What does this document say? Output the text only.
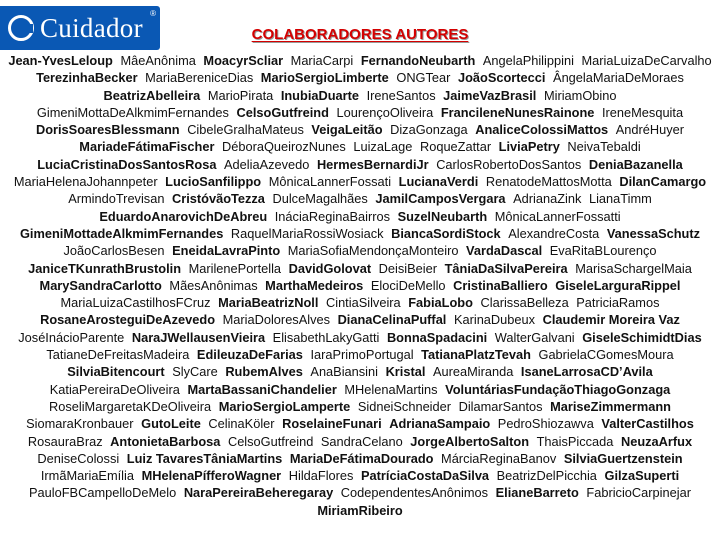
Cuidador ®
COLABORADORES AUTORES
Jean-YvesLeloup MâeAnônima MoacyrScliar MariaCarpi FernandoNeubarth AngelaPhilippini MariaLuizaDeCarvalho TerezinhaBecker MariaBereniceDias MarioSergioLimberte ONGTear JoãoScortecci ÂngelaMariaDeMoraes BeatrizAbelleira MarioPirata InubiaDuarte IreneSantos JaimeVazBrasil MiriamObino GimeniMottaDeAlkmimFernandes CelsoGutfreind LourençoOliveira FrancileneNunesRainone IreneMesquita DorisSoaresBlessmann CibeleGralhaMateus VeigaLeitão DizaGonzaga AnaliceColossiMattos AndréHuyer MariadeFátimaFischer DéboraQueirozNunes LuizaLage RoqueZattar LiviaPetry NeivaTebaldi LuciaCristinaDosSantosRosa AdeliaAzevedo HermesBernardiJr CarlosRobertoDosSantos DeniaBazanella MariaHelenaJohannpeter LucioSanfilippo MônicaLannerFossati LucianaVerdi RenatodeMattosMotta DilanCamargo ArmindoTrevisan CristóvãoTezza DulceMagalhães JamilCamposVergara AdrianaZink LianaTimm EduardoAnarovichDeAbreu InáciaReginaBairros SuzelNeubarth MônicaLannerFossatti GimeniMottadeAlkmimFernandes RaquelMariaRossiWosiack BiancaSordiStock AlexandreCosta VanessaSchutz JoãoCarlosBesen EneidaLavraPinto MariaSofiaMendonçaMonteiro VardaDascal EvaRitaBLourenço JaniceTKunrathBrustolin MarilenePortella DavidGolovat DeisiBeier TâniaDaSilvaPereira MarisaSchargelMaia MarySandraCarlotto MãesAnônimas MarthaMedeiros ElociDeMello CristinaBalliero GiseleLarguraRippel MariaLuizaCastilhosFCruz MariaBeatrizNoll CintiaSilveira FabiaLobo ClarissaBelleza PatriciaRamos RosaneArosteguiDeAzevedo MariaDoloresAlves DianaCelinaPuffal KarinaDubeux Claudemir Moreira Vaz JoséInácioParente NaraJWellausenVieira ElisabethLakyGatti BonnaSpadacini WalterGalvani GiseleSchimidtDias TatianeDeFreitasMadeira EdileuzaDeFarias IaraPrimoPortugal TatianaPlatzTevah GabrielaCGomesMoura SilviaBitencourt SlyCare RubemAlves AnaBiansini Kristal AureaMiranda IsaneLarrosaCD’Avila KatiaPereiraDeOliveira MartaBassaniChandelier MHelenaMartins VoluntáriasFundaçãoThiagoGonzaga RoseliMargaretaKDeOliveira MarioSergioLamperte SidneiSchneider DilamarSantos MariseZimmermann SiomaraKronbauer GutoLeite CelinaKöler RoselaineFunari AdrianaSampaio PedroShiozawva ValterCastilhos RosauraBraz AntonietaBarbosa CelsoGutfreind SandraCelano JorgeAlbertoSalton ThaisPiccada NeuzaArfux DeniseColossi Luiz TavaresTâniaMartins MariaDeFátimaDourado MárciaReginaBanov SilviaGuertzenstein IrmãMariaEmília MHelenaPífferoWagner HildaFlores PatríciaCostaDaSilva BeatrizDelPicchia GilzaSuperti PauloFBCampelloDeMelo NaraPereiraBeheregaray CodependentesAnônimos ElianeBarreto FabricioCarpinejar MiriamRibeiro
